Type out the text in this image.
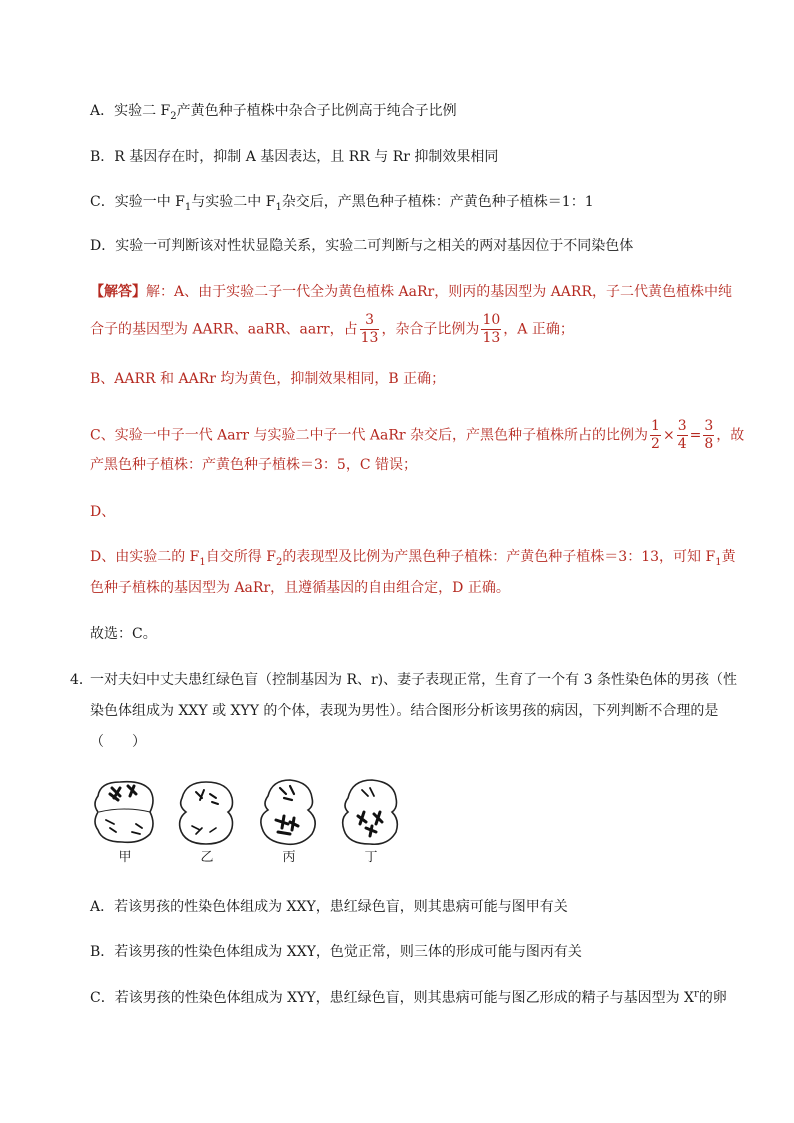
A．实验二 $F_2$产黄色种子植株中杂合子比例高于纯合子比例
B．R 基因存在时，抑制 A 基因表达，且 RR 与 Rr 抑制效果相同
C．实验一中 $F_1$与实验二中 $F_1$杂交后，产黑色种子植株：产黄色种子植株＝1：1
D．实验一可判断该对性状显隐关系，实验二可判断与之相关的两对基因位于不同染色体
【解答】解：A、由于实验二子一代全为黄色植株 AaRr，则丙的基因型为 AARR，子二代黄色植株中纯
合子的基因型为 AARR、aaRR、aarr，占 $\frac{3}{13}$ ，杂合子比例为 $\frac{10}{13}$ ，A 正确；
B、AARR 和 AARr 均为黄色，抑制效果相同，B 正确；
C、实验一中子一代 Aarr 与实验二中子一代 AaRr 杂交后，产黑色种子植株所占的比例为 $\frac{1}{2} \times \frac{3}{4} = \frac{3}{8}$ ，故
产黑色种子植株：产黄色种子植株＝3：5，C 错误；
D、
D、由实验二的 $F_1$自交所得 $F_2$的表现型及比例为产黑色种子植株：产黄色种子植株＝3：13，可知 $F_1$黄
色种子植株的基因型为 AaRr，且遵循基因的自由组合定，D 正确。
故选：C。
4．
一对夫妇中丈夫患红绿色盲（控制基因为 R、r)、妻子表现正常，生育了一个有 3 条性染色体的男孩（性
染色体组成为 XXY 或 XYY 的个体，表现为男性）。结合图形分析该男孩的病因，下列判断不合理的是
（　　）
甲	乙	丙	丁
A．若该男孩的性染色体组成为 XXY，患红绿色盲，则其患病可能与图甲有关
B．若该男孩的性染色体组成为 XXY，色觉正常，则三体的形成可能与图丙有关
C．若该男孩的性染色体组成为 XYY，患红绿色盲，则其患病可能与图乙形成的精子与基因型为 $X^r$的卵
